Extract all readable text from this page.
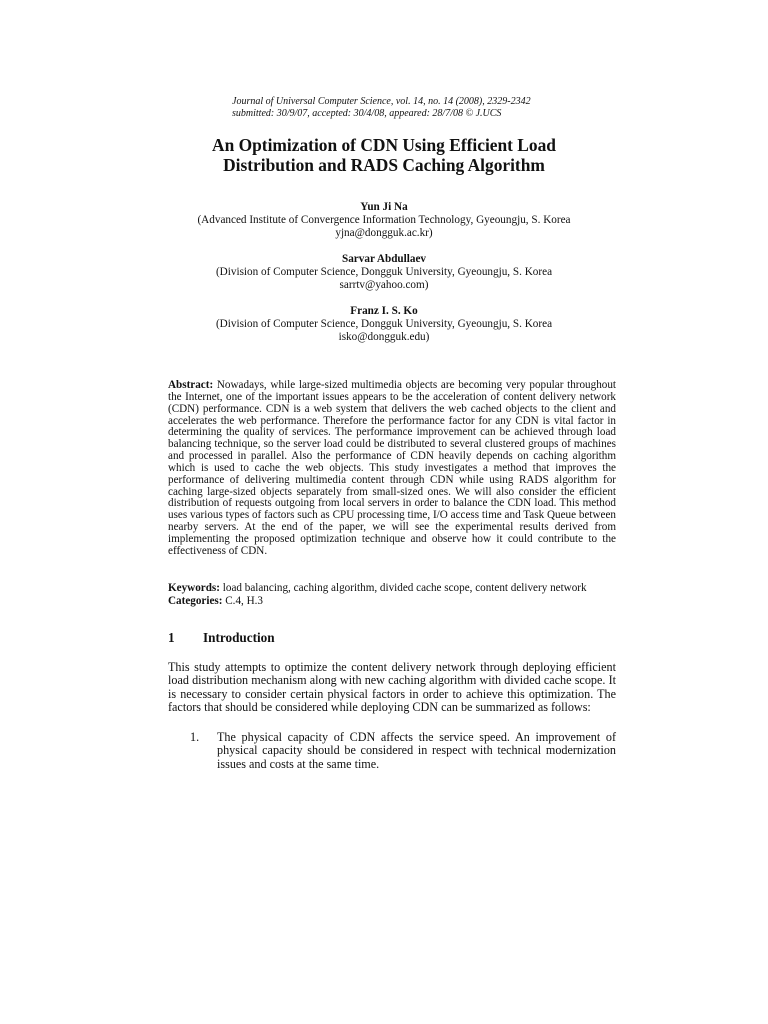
Journal of Universal Computer Science, vol. 14, no. 14 (2008), 2329-2342
submitted: 30/9/07, accepted: 30/4/08, appeared: 28/7/08 © J.UCS
An Optimization of CDN Using Efficient Load
Distribution and RADS Caching Algorithm
Yun Ji Na
(Advanced Institute of Convergence Information Technology, Gyeoungju, S. Korea
yjna@dongguk.ac.kr)
Sarvar Abdullaev
(Division of Computer Science, Dongguk University, Gyeoungju, S. Korea
sarrtv@yahoo.com)
Franz I. S. Ko
(Division of Computer Science, Dongguk University, Gyeoungju, S. Korea
isko@dongguk.edu)
Abstract: Nowadays, while large-sized multimedia objects are becoming very popular throughout the Internet, one of the important issues appears to be the acceleration of content delivery network (CDN) performance. CDN is a web system that delivers the web cached objects to the client and accelerates the web performance. Therefore the performance factor for any CDN is vital factor in determining the quality of services. The performance improvement can be achieved through load balancing technique, so the server load could be distributed to several clustered groups of machines and processed in parallel. Also the performance of CDN heavily depends on caching algorithm which is used to cache the web objects. This study investigates a method that improves the performance of delivering multimedia content through CDN while using RADS algorithm for caching large-sized objects separately from small-sized ones. We will also consider the efficient distribution of requests outgoing from local servers in order to balance the CDN load. This method uses various types of factors such as CPU processing time, I/O access time and Task Queue between nearby servers. At the end of the paper, we will see the experimental results derived from implementing the proposed optimization technique and observe how it could contribute to the effectiveness of CDN.
Keywords: load balancing, caching algorithm, divided cache scope, content delivery network
Categories: C.4, H.3
1 Introduction
This study attempts to optimize the content delivery network through deploying efficient load distribution mechanism along with new caching algorithm with divided cache scope. It is necessary to consider certain physical factors in order to achieve this optimization. The factors that should be considered while deploying CDN can be summarized as follows:
1.	The physical capacity of CDN affects the service speed. An improvement of physical capacity should be considered in respect with technical modernization issues and costs at the same time.
